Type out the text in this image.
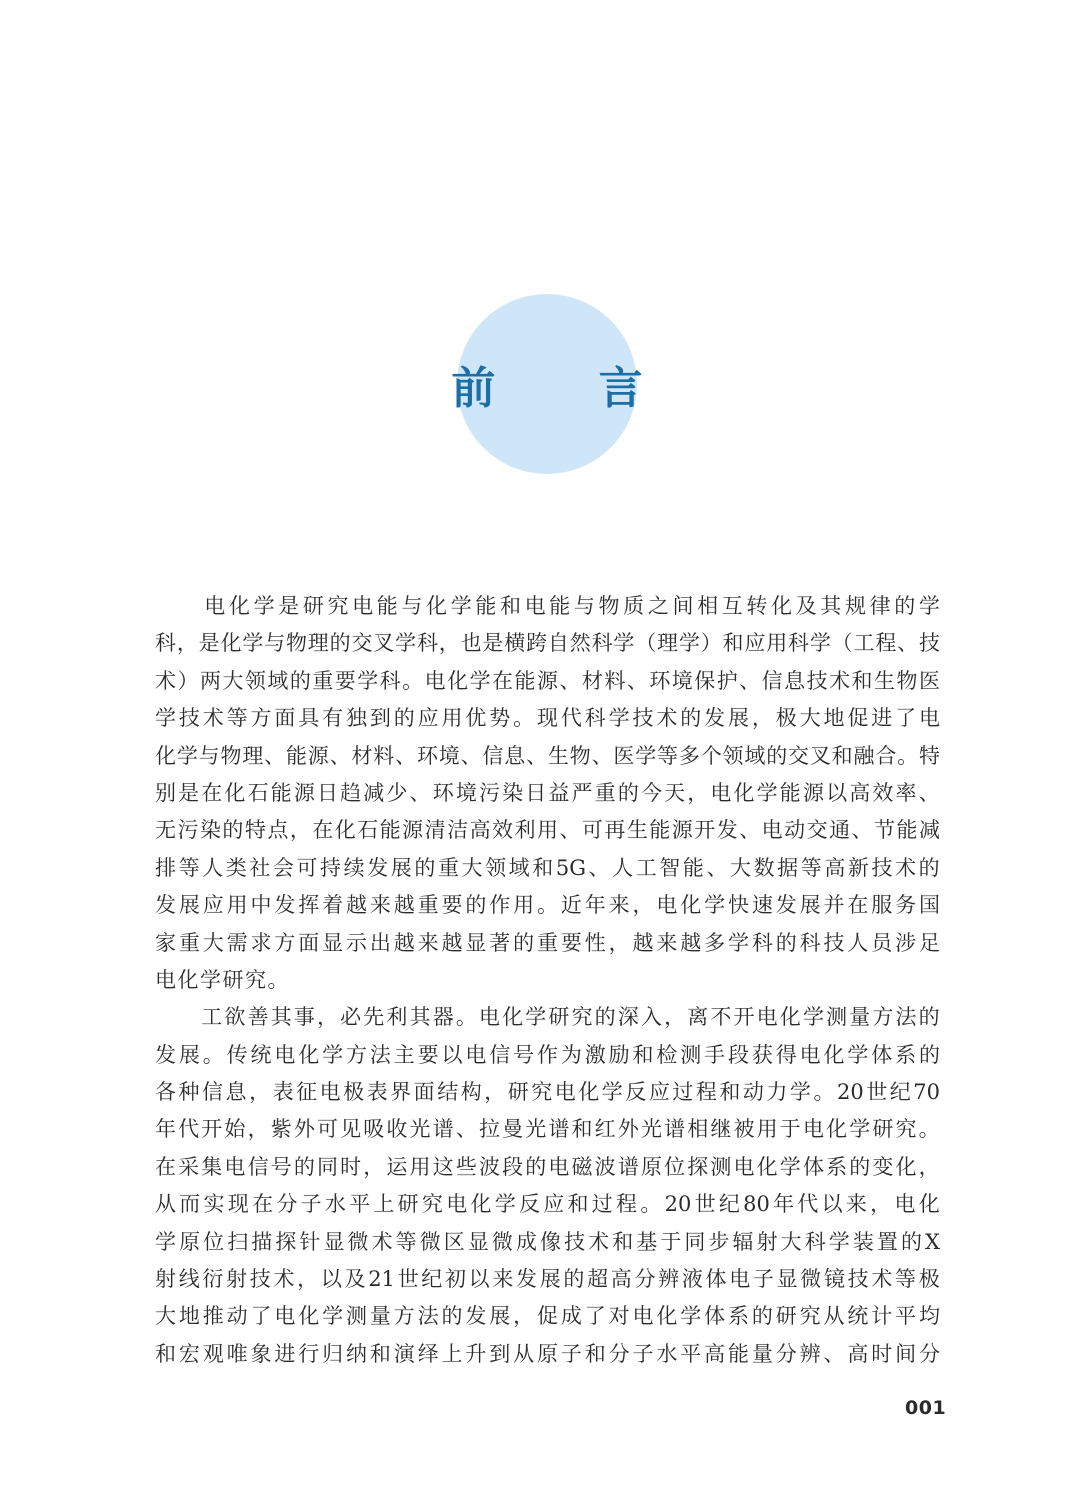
前 言

电 化 学 是 研 究 电 能 与 化 学 能 和 电 能 与 物 质 之 间 相 互 转 化 及 其 规 律 的 学
科 ， 是 化 学 与 物 理 的 交 叉 学 科 ， 也 是 横 跨 自 然 科 学 （ 理 学 ） 和 应 用 科 学 （ 工 程 、 技
术 ） 两 大 领 域 的 重 要 学 科 。 电 化 学 在 能 源 、 材 料 、 环 境 保 护 、 信 息 技 术 和 生 物 医
学 技 术 等 方 面 具 有 独 到 的 应 用 优 势 。 现 代 科 学 技 术 的 发 展 ， 极 大 地 促 进 了 电
化 学 与 物 理 、 能 源 、 材 料 、 环 境 、 信 息 、 生 物 、 医 学 等 多 个 领 域 的 交 叉 和 融 合 。 特
别 是 在 化 石 能 源 日 趋 减 少 、 环 境 污 染 日 益 严 重 的 今 天 ， 电 化 学 能 源 以 高 效 率 、
无 污 染 的 特 点 ， 在 化 石 能 源 清 洁 高 效 利 用 、 可 再 生 能 源 开 发 、 电 动 交 通 、 节 能 减
排 等 人 类 社 会 可 持 续 发 展 的 重 大 领 域 和 5G 、 人 工 智 能 、 大 数 据 等 高 新 技 术 的
发 展 应 用 中 发 挥 着 越 来 越 重 要 的 作 用 。 近 年 来 ， 电 化 学 快 速 发 展 并 在 服 务 国
家 重 大 需 求 方 面 显 示 出 越 来 越 显 著 的 重 要 性 ， 越 来 越 多 学 科 的 科 技 人 员 涉 足
电化学研究。

工 欲 善 其 事 ， 必 先 利 其 器 。 电 化 学 研 究 的 深 入 ， 离 不 开 电 化 学 测 量 方 法 的
发 展 。 传 统 电 化 学 方 法 主 要 以 电 信 号 作 为 激 励 和 检 测 手 段 获 得 电 化 学 体 系 的
各 种 信 息 ， 表 征 电 极 表 界 面 结 构 ， 研 究 电 化 学 反 应 过 程 和 动 力 学 。 20 世 纪 70
年 代 开 始 ， 紫 外 可 见 吸 收 光 谱 、 拉 曼 光 谱 和 红 外 光 谱 相 继 被 用 于 电 化 学 研 究 。
在 采 集 电 信 号 的 同 时 ， 运 用 这 些 波 段 的 电 磁 波 谱 原 位 探 测 电 化 学 体 系 的 变 化 ，
从 而 实 现 在 分 子 水 平 上 研 究 电 化 学 反 应 和 过 程 。 20 世 纪 80 年 代 以 来 ， 电 化
学 原 位 扫 描 探 针 显 微 术 等 微 区 显 微 成 像 技 术 和 基 于 同 步 辐 射 大 科 学 装 置 的 X
射 线 衍 射 技 术 ， 以 及 21 世 纪 初 以 来 发 展 的 超 高 分 辨 液 体 电 子 显 微 镜 技 术 等 极
大 地 推 动 了 电 化 学 测 量 方 法 的 发 展 ， 促 成 了 对 电 化 学 体 系 的 研 究 从 统 计 平 均
和 宏 观 唯 象 进 行 归 纳 和 演 绎 上 升 到 从 原 子 和 分 子 水 平 高 能 量 分 辨 、 高 时 间 分
001
